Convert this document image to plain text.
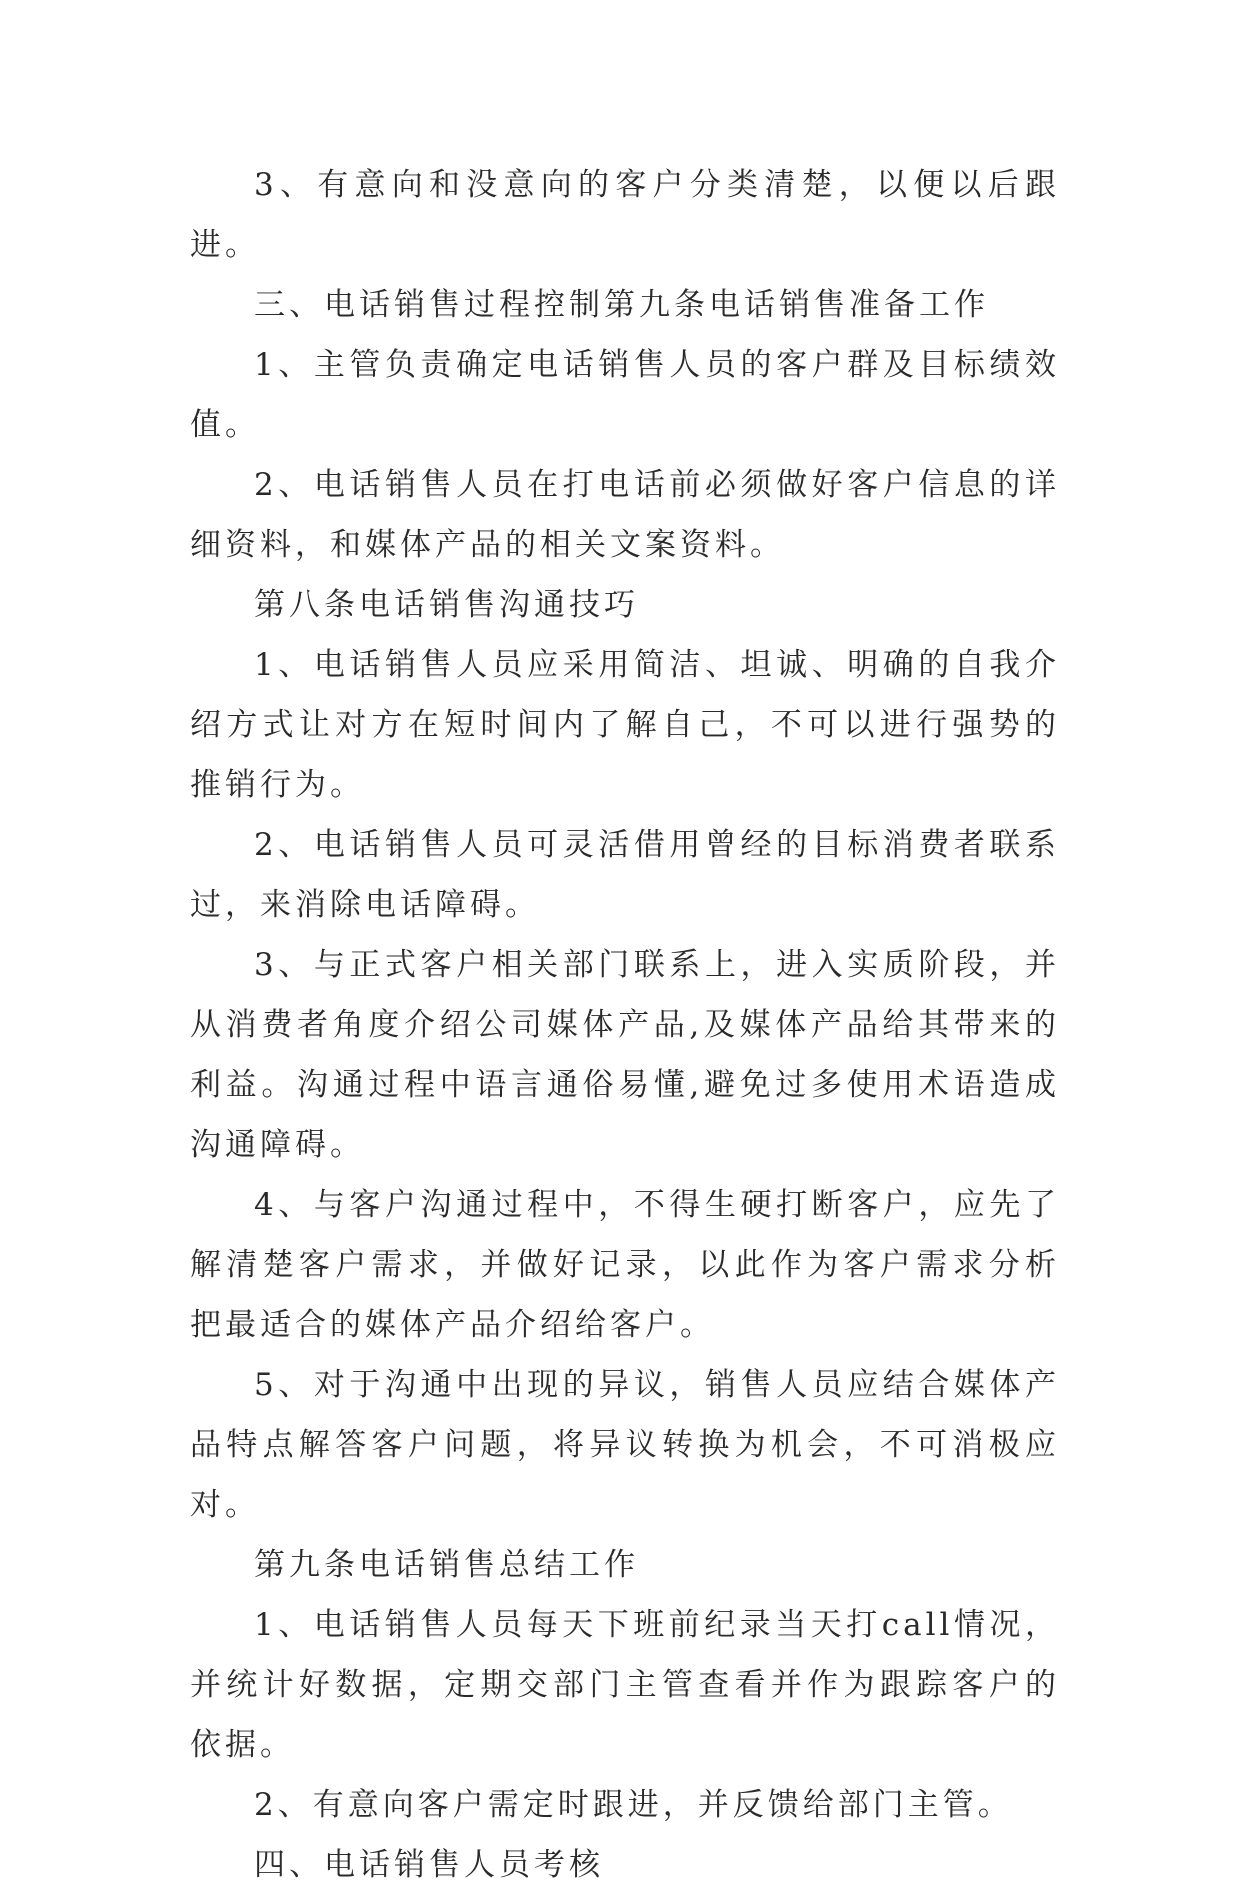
3、有意向和没意向的客户分类清楚，以便以后跟进。

三、电话销售过程控制第九条电话销售准备工作

1、主管负责确定电话销售人员的客户群及目标绩效值。

2、电话销售人员在打电话前必须做好客户信息的详细资料，和媒体产品的相关文案资料。

第八条电话销售沟通技巧

1、电话销售人员应采用简洁、坦诚、明确的自我介绍方式让对方在短时间内了解自己，不可以进行强势的推销行为。

2、电话销售人员可灵活借用曾经的目标消费者联系过，来消除电话障碍。

3、与正式客户相关部门联系上，进入实质阶段，并从消费者角度介绍公司媒体产品,及媒体产品给其带来的利益。沟通过程中语言通俗易懂,避免过多使用术语造成沟通障碍。

4、与客户沟通过程中，不得生硬打断客户，应先了解清楚客户需求，并做好记录，以此作为客户需求分析把最适合的媒体产品介绍给客户。

5、对于沟通中出现的异议，销售人员应结合媒体产品特点解答客户问题，将异议转换为机会，不可消极应对。

第九条电话销售总结工作

1、电话销售人员每天下班前纪录当天打call情况，并统计好数据，定期交部门主管查看并作为跟踪客户的依据。

2、有意向客户需定时跟进，并反馈给部门主管。

四、电话销售人员考核
